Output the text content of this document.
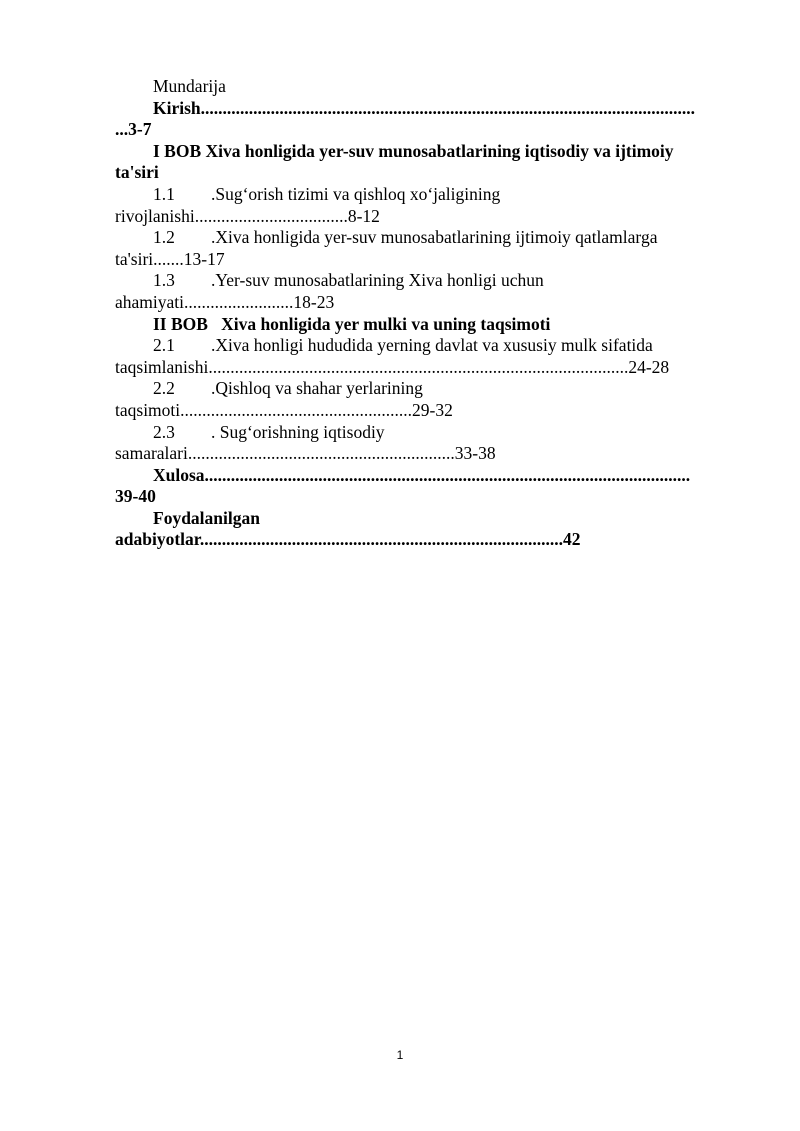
Mundarija
Kirish.................................................................................................................
...3-7
I BOB Xiva honligida yer-suv munosabatlarining iqtisodiy va ijtimoiy
ta'siri
1.1 .Sug‘orish tizimi va qishloq xo‘jaligining
rivojlanishi...................................8-12
1.2 .Xiva honligida yer-suv munosabatlarining ijtimoiy qatlamlarga
ta'siri.......13-17
1.3 .Yer-suv munosabatlarining Xiva honligi uchun
ahamiyati.........................18-23
II BOB   Xiva honligida yer mulki va uning taqsimoti
2.1 .Xiva honligi hududida yerning davlat va xususiy mulk sifatida
taqsimlanishi................................................................................................24-28
2.2 .Qishloq va shahar yerlarining
taqsimoti.....................................................29-32
2.3 . Sug‘orishning iqtisodiy
samaralari.............................................................33-38
Xulosa...............................................................................................................
39-40
Foydalanilgan
adabiyotlar...................................................................................42
1
